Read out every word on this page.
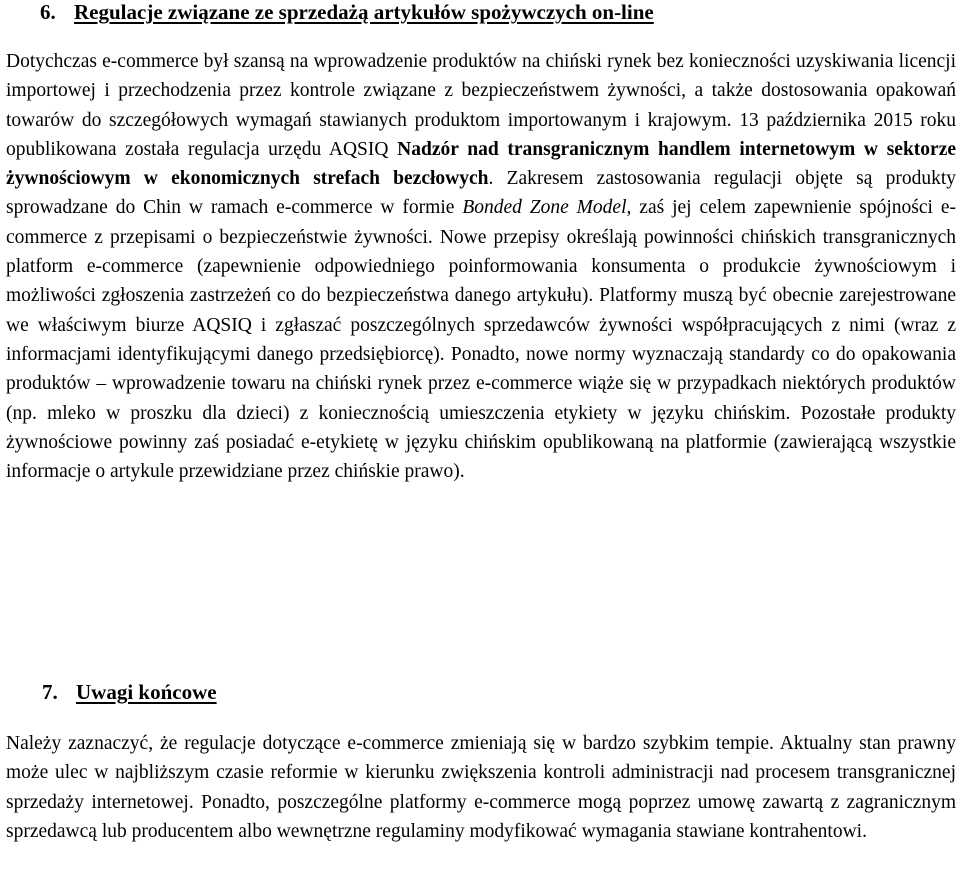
6. Regulacje związane ze sprzedażą artykułów spożywczych on-line

Dotychczas e-commerce był szansą na wprowadzenie produktów na chiński rynek bez konieczności uzyskiwania licencji importowej i przechodzenia przez kontrole związane z bezpieczeństwem żywności, a także dostosowania opakowań towarów do szczegółowych wymagań stawianych produktom importowanym i krajowym. 13 października 2015 roku opublikowana została regulacja urzędu AQSIQ Nadzór nad transgranicznym handlem internetowym w sektorze żywnościowym w ekonomicznych strefach bezcłowych. Zakresem zastosowania regulacji objęte są produkty sprowadzane do Chin w ramach e-commerce w formie Bonded Zone Model, zaś jej celem zapewnienie spójności e-commerce z przepisami o bezpieczeństwie żywności. Nowe przepisy określają powinności chińskich transgranicznych platform e-commerce (zapewnienie odpowiedniego poinformowania konsumenta o produkcie żywnościowym i możliwości zgłoszenia zastrzeżeń co do bezpieczeństwa danego artykułu). Platformy muszą być obecnie zarejestrowane we właściwym biurze AQSIQ i zgłaszać poszczególnych sprzedawców żywności współpracujących z nimi (wraz z informacjami identyfikującymi danego przedsiębiorcę). Ponadto, nowe normy wyznaczają standardy co do opakowania produktów – wprowadzenie towaru na chiński rynek przez e-commerce wiąże się w przypadkach niektórych produktów (np. mleko w proszku dla dzieci) z koniecznością umieszczenia etykiety w języku chińskim. Pozostałe produkty żywnościowe powinny zaś posiadać e-etykietę w języku chińskim opublikowaną na platformie (zawierającą wszystkie informacje o artykule przewidziane przez chińskie prawo).

7. Uwagi końcowe

Należy zaznaczyć, że regulacje dotyczące e-commerce zmieniają się w bardzo szybkim tempie. Aktualny stan prawny może ulec w najbliższym czasie reformie w kierunku zwiększenia kontroli administracji nad procesem transgranicznej sprzedaży internetowej. Ponadto, poszczególne platformy e-commerce mogą poprzez umowę zawartą z zagranicznym sprzedawcą lub producentem albo wewnętrzne regulaminy modyfikować wymagania stawiane kontrahentowi.
